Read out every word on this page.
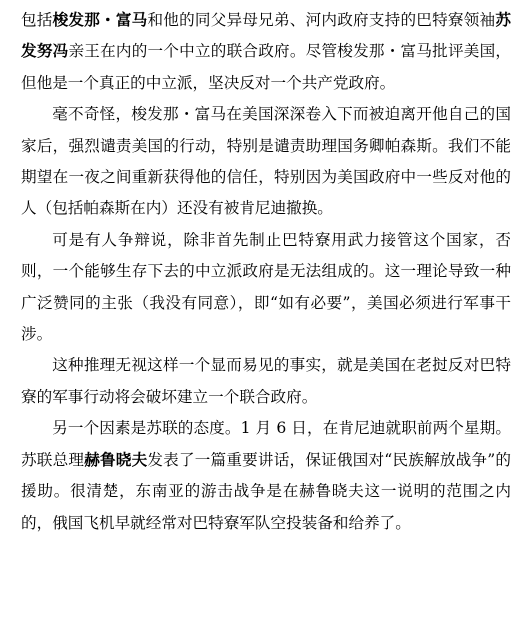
包括梭发那・富马和他的同父异母兄弟、河内政府支持的巴特寮领袖苏发努冯亲王在内的一个中立的联合政府。尽管梭发那・富马批评美国，但他是一个真正的中立派，坚决反对一个共产党政府。

毫不奇怪，梭发那・富马在美国深深卷入下而被迫离开他自己的国家后，强烈谴责美国的行动，特别是谴责助理国务卿帕森斯。我们不能期望在一夜之间重新获得他的信任，特别因为美国政府中一些反对他的人（包括帕森斯在内）还没有被肯尼迪撤换。

可是有人争辩说，除非首先制止巴特寮用武力接管这个国家，否则，一个能够生存下去的中立派政府是无法组成的。这一理论导致一种广泛赞同的主张（我没有同意），即“如有必要”，美国必须进行军事干涉。

这种推理无视这样一个显而易见的事实，就是美国在老挝反对巴特寮的军事行动将会破坏建立一个联合政府。

另一个因素是苏联的态度。1 月 6 日，在肯尼迪就职前两个星期。苏联总理赫鲁晓夫发表了一篇重要讲话，保证俄国对“民族解放战争”的援助。很清楚，东南亚的游击战争是在赫鲁晓夫这一说明的范围之内的，俄国飞机早就经常对巴特寮军队空投装备和给养了。
